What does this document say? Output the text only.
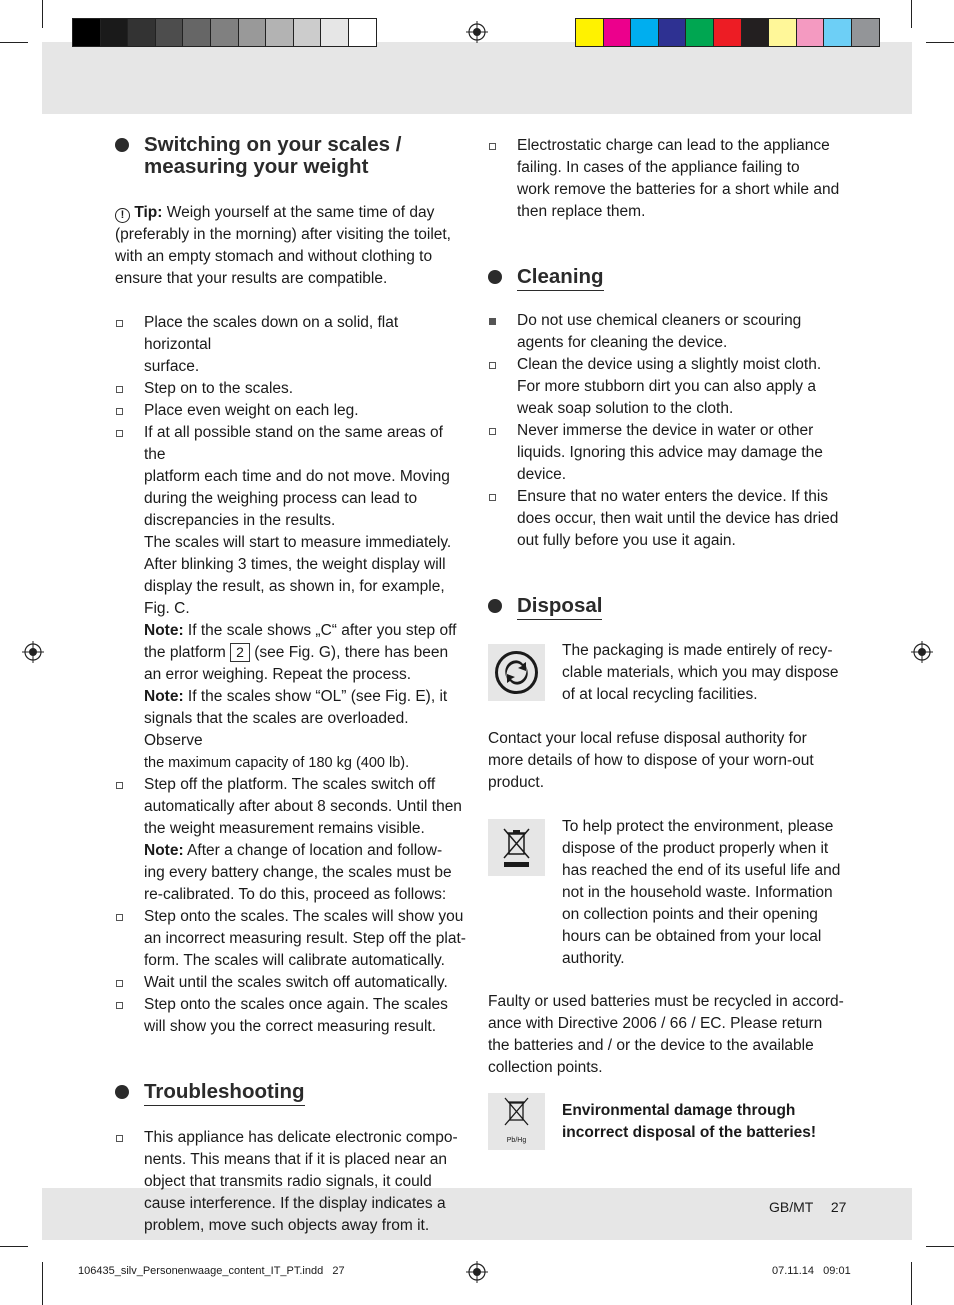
Switching on your scales /
measuring your weight
! Tip: Weigh yourself at the same time of day
(preferably in the morning) after visiting the toilet,
with an empty stomach and without clothing to
ensure that your results are compatible.
Place the scales down on a solid, flat horizontal
surface.
Step on to the scales.
Place even weight on each leg.
If at all possible stand on the same areas of the
platform each time and do not move. Moving
during the weighing process can lead to
discrepancies in the results.
The scales will start to measure immediately.
After blinking 3 times, the weight display will
display the result, as shown in, for example,
Fig. C.
Note: If the scale shows „C“ after you step off
the platform 2 (see Fig. G), there has been
an error weighing. Repeat the process.
Note: If the scales show “OL” (see Fig. E), it
signals that the scales are overloaded. Observe
the maximum capacity of 180 kg (400 lb).
Step off the platform. The scales switch off
automatically after about 8 seconds. Until then
the weight measurement remains visible.
Note: After a change of location and follow-
ing every battery change, the scales must be
re-calibrated. To do this, proceed as follows:
Step onto the scales. The scales will show you
an incorrect measuring result. Step off the plat-
form. The scales will calibrate automatically.
Wait until the scales switch off automatically.
Step onto the scales once again. The scales
will show you the correct measuring result.
Troubleshooting
This appliance has delicate electronic compo-
nents. This means that if it is placed near an
object that transmits radio signals, it could
cause interference. If the display indicates a
problem, move such objects away from it.
Electrostatic charge can lead to the appliance
failing. In cases of the appliance failing to
work remove the batteries for a short while and
then replace them.
Cleaning
Do not use chemical cleaners or scouring
agents for cleaning the device.
Clean the device using a slightly moist cloth.
For more stubborn dirt you can also apply a
weak soap solution to the cloth.
Never immerse the device in water or other
liquids. Ignoring this advice may damage the
device.
Ensure that no water enters the device. If this
does occur, then wait until the device has dried
out fully before you use it again.
Disposal
The packaging is made entirely of recy-
clable materials, which you may dispose
of at local recycling facilities.
Contact your local refuse disposal authority for
more details of how to dispose of your worn-out
product.
To help protect the environment, please
dispose of the product properly when it
has reached the end of its useful life and
not in the household waste. Information
on collection points and their opening
hours can be obtained from your local
authority.
Faulty or used batteries must be recycled in accord-
ance with Directive 2006 / 66 / EC. Please return
the batteries and / or the device to the available
collection points.
Pb/Hg
Environmental damage through
incorrect disposal of the batteries!
GB/MT 27
106435_silv_Personenwaage_content_IT_PT.indd   27	07.11.14   09:01
